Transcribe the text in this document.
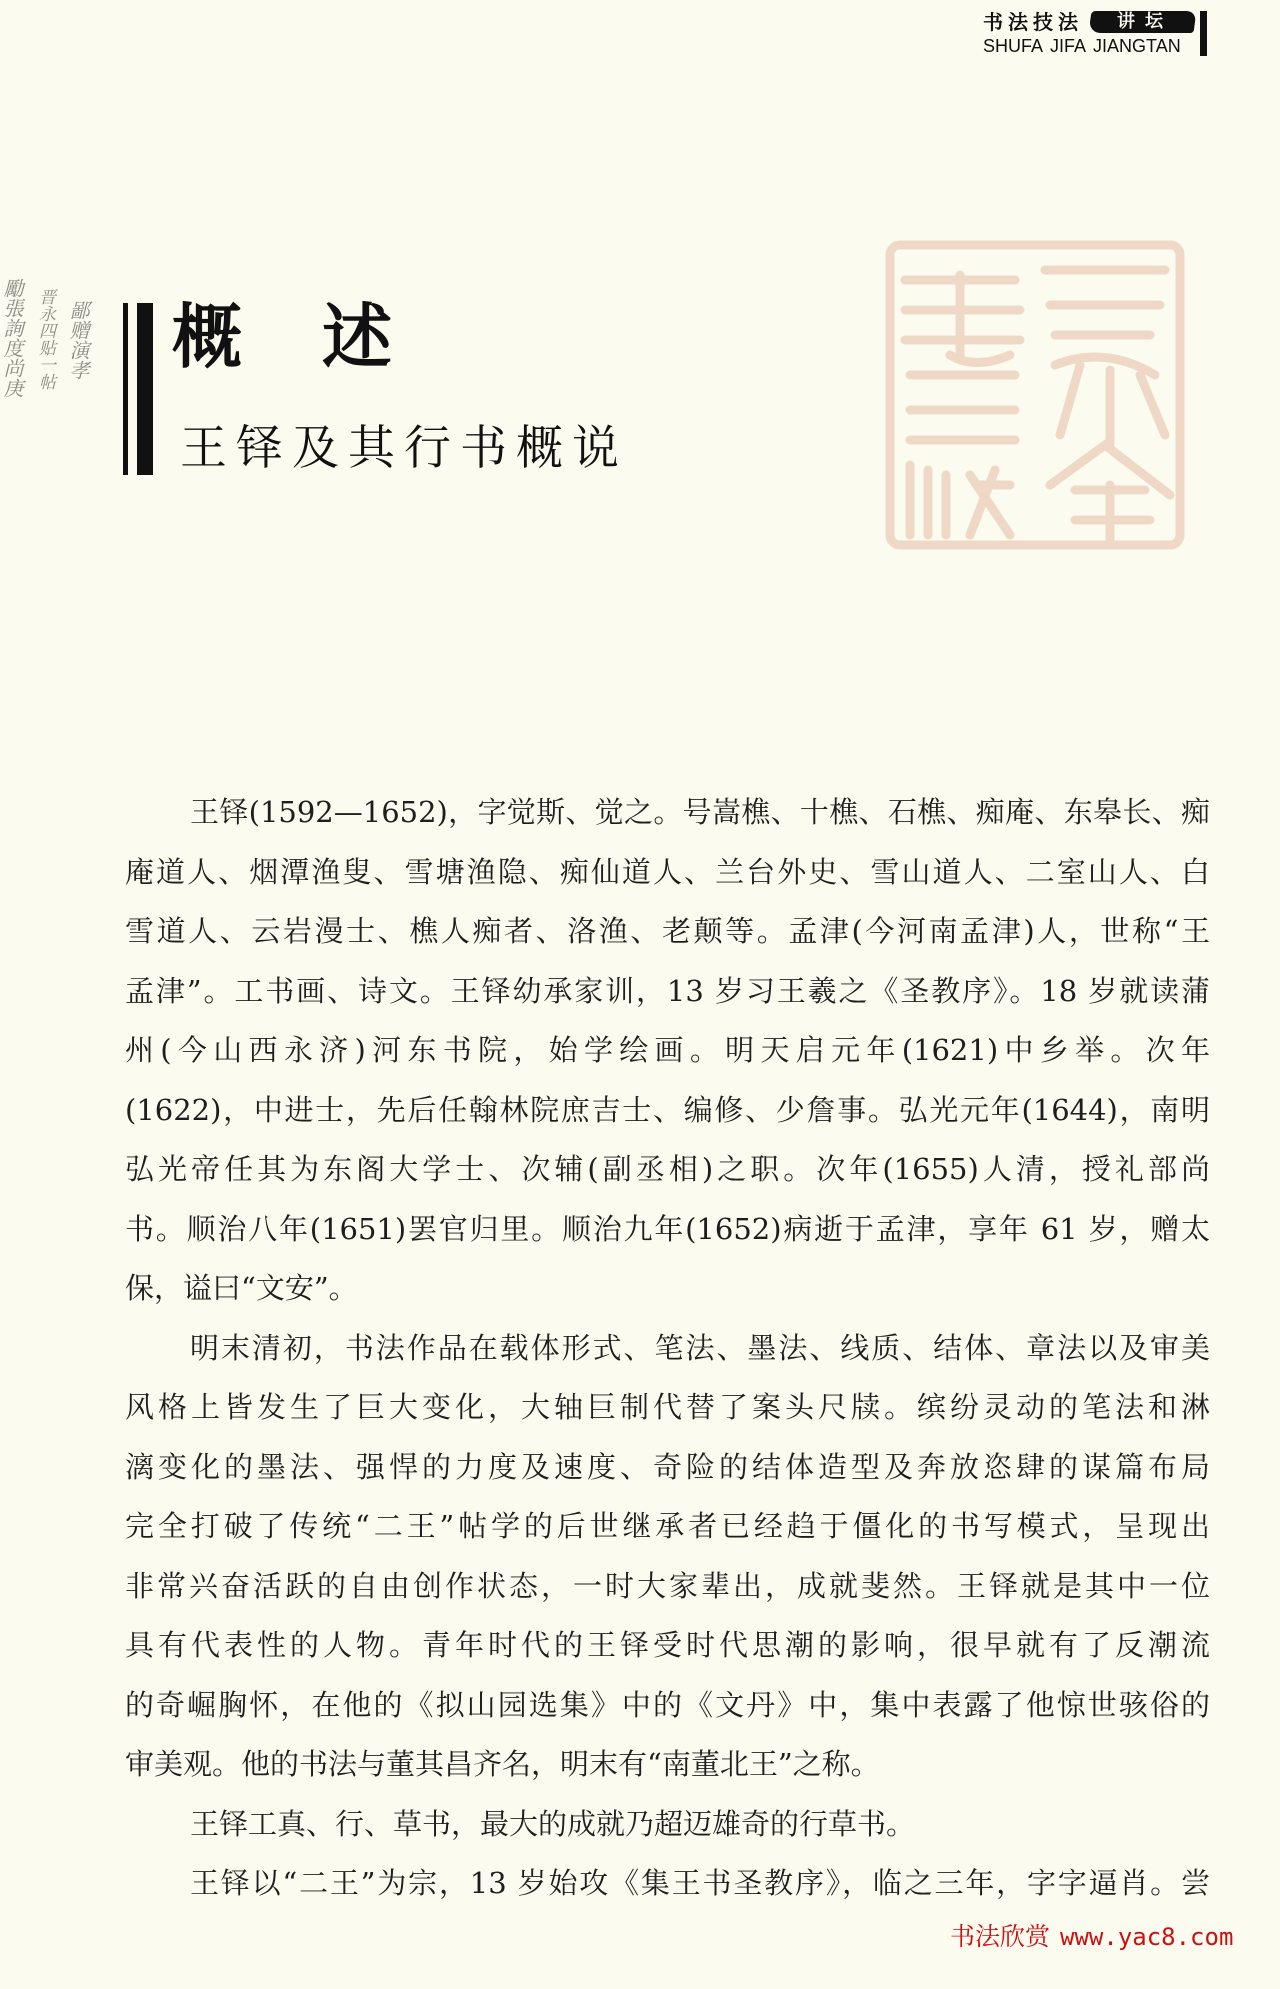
书法技法	讲坛
SHUFA JIFA JIANGTAN
鄙赠演孝
晋永四贴一帖
勵張詢度尚庚 概述
王铎及其行书概说
王铎(1592—1652)，字觉斯、觉之。号嵩樵、十樵、石樵、痴庵、东皋长、痴
庵道人、烟潭渔叟、雪塘渔隐、痴仙道人、兰台外史、雪山道人、二室山人、白
雪道人、云岩漫士、樵人痴者、洛渔、老颠等。孟津(今河南孟津)人，世称“王
孟津”。工书画、诗文。王铎幼承家训，13 岁习王羲之《圣教序》。18 岁就读蒲
州(今山西永济)河东书院，始学绘画。明天启元年(1621)中乡举。次年
(1622)，中进士，先后任翰林院庶吉士、编修、少詹事。弘光元年(1644)，南明
弘光帝任其为东阁大学士、次辅(副丞相)之职。次年(1655)人清，授礼部尚
书。顺治八年(1651)罢官归里。顺治九年(1652)病逝于孟津，享年 61 岁，赠太
保，谥曰“文安”。
明末清初，书法作品在载体形式、笔法、墨法、线质、结体、章法以及审美
风格上皆发生了巨大变化，大轴巨制代替了案头尺牍。缤纷灵动的笔法和淋
漓变化的墨法、强悍的力度及速度、奇险的结体造型及奔放恣肆的谋篇布局
完全打破了传统“二王”帖学的后世继承者已经趋于僵化的书写模式，呈现出
非常兴奋活跃的自由创作状态，一时大家辈出，成就斐然。王铎就是其中一位
具有代表性的人物。青年时代的王铎受时代思潮的影响，很早就有了反潮流
的奇崛胸怀，在他的《拟山园选集》中的《文丹》中，集中表露了他惊世骇俗的
审美观。他的书法与董其昌齐名，明末有“南董北王”之称。
王铎工真、行、草书，最大的成就乃超迈雄奇的行草书。
王铎以“二王”为宗，13 岁始攻《集王书圣教序》，临之三年，字字逼肖。尝
书法欣赏 www.yac8.com
